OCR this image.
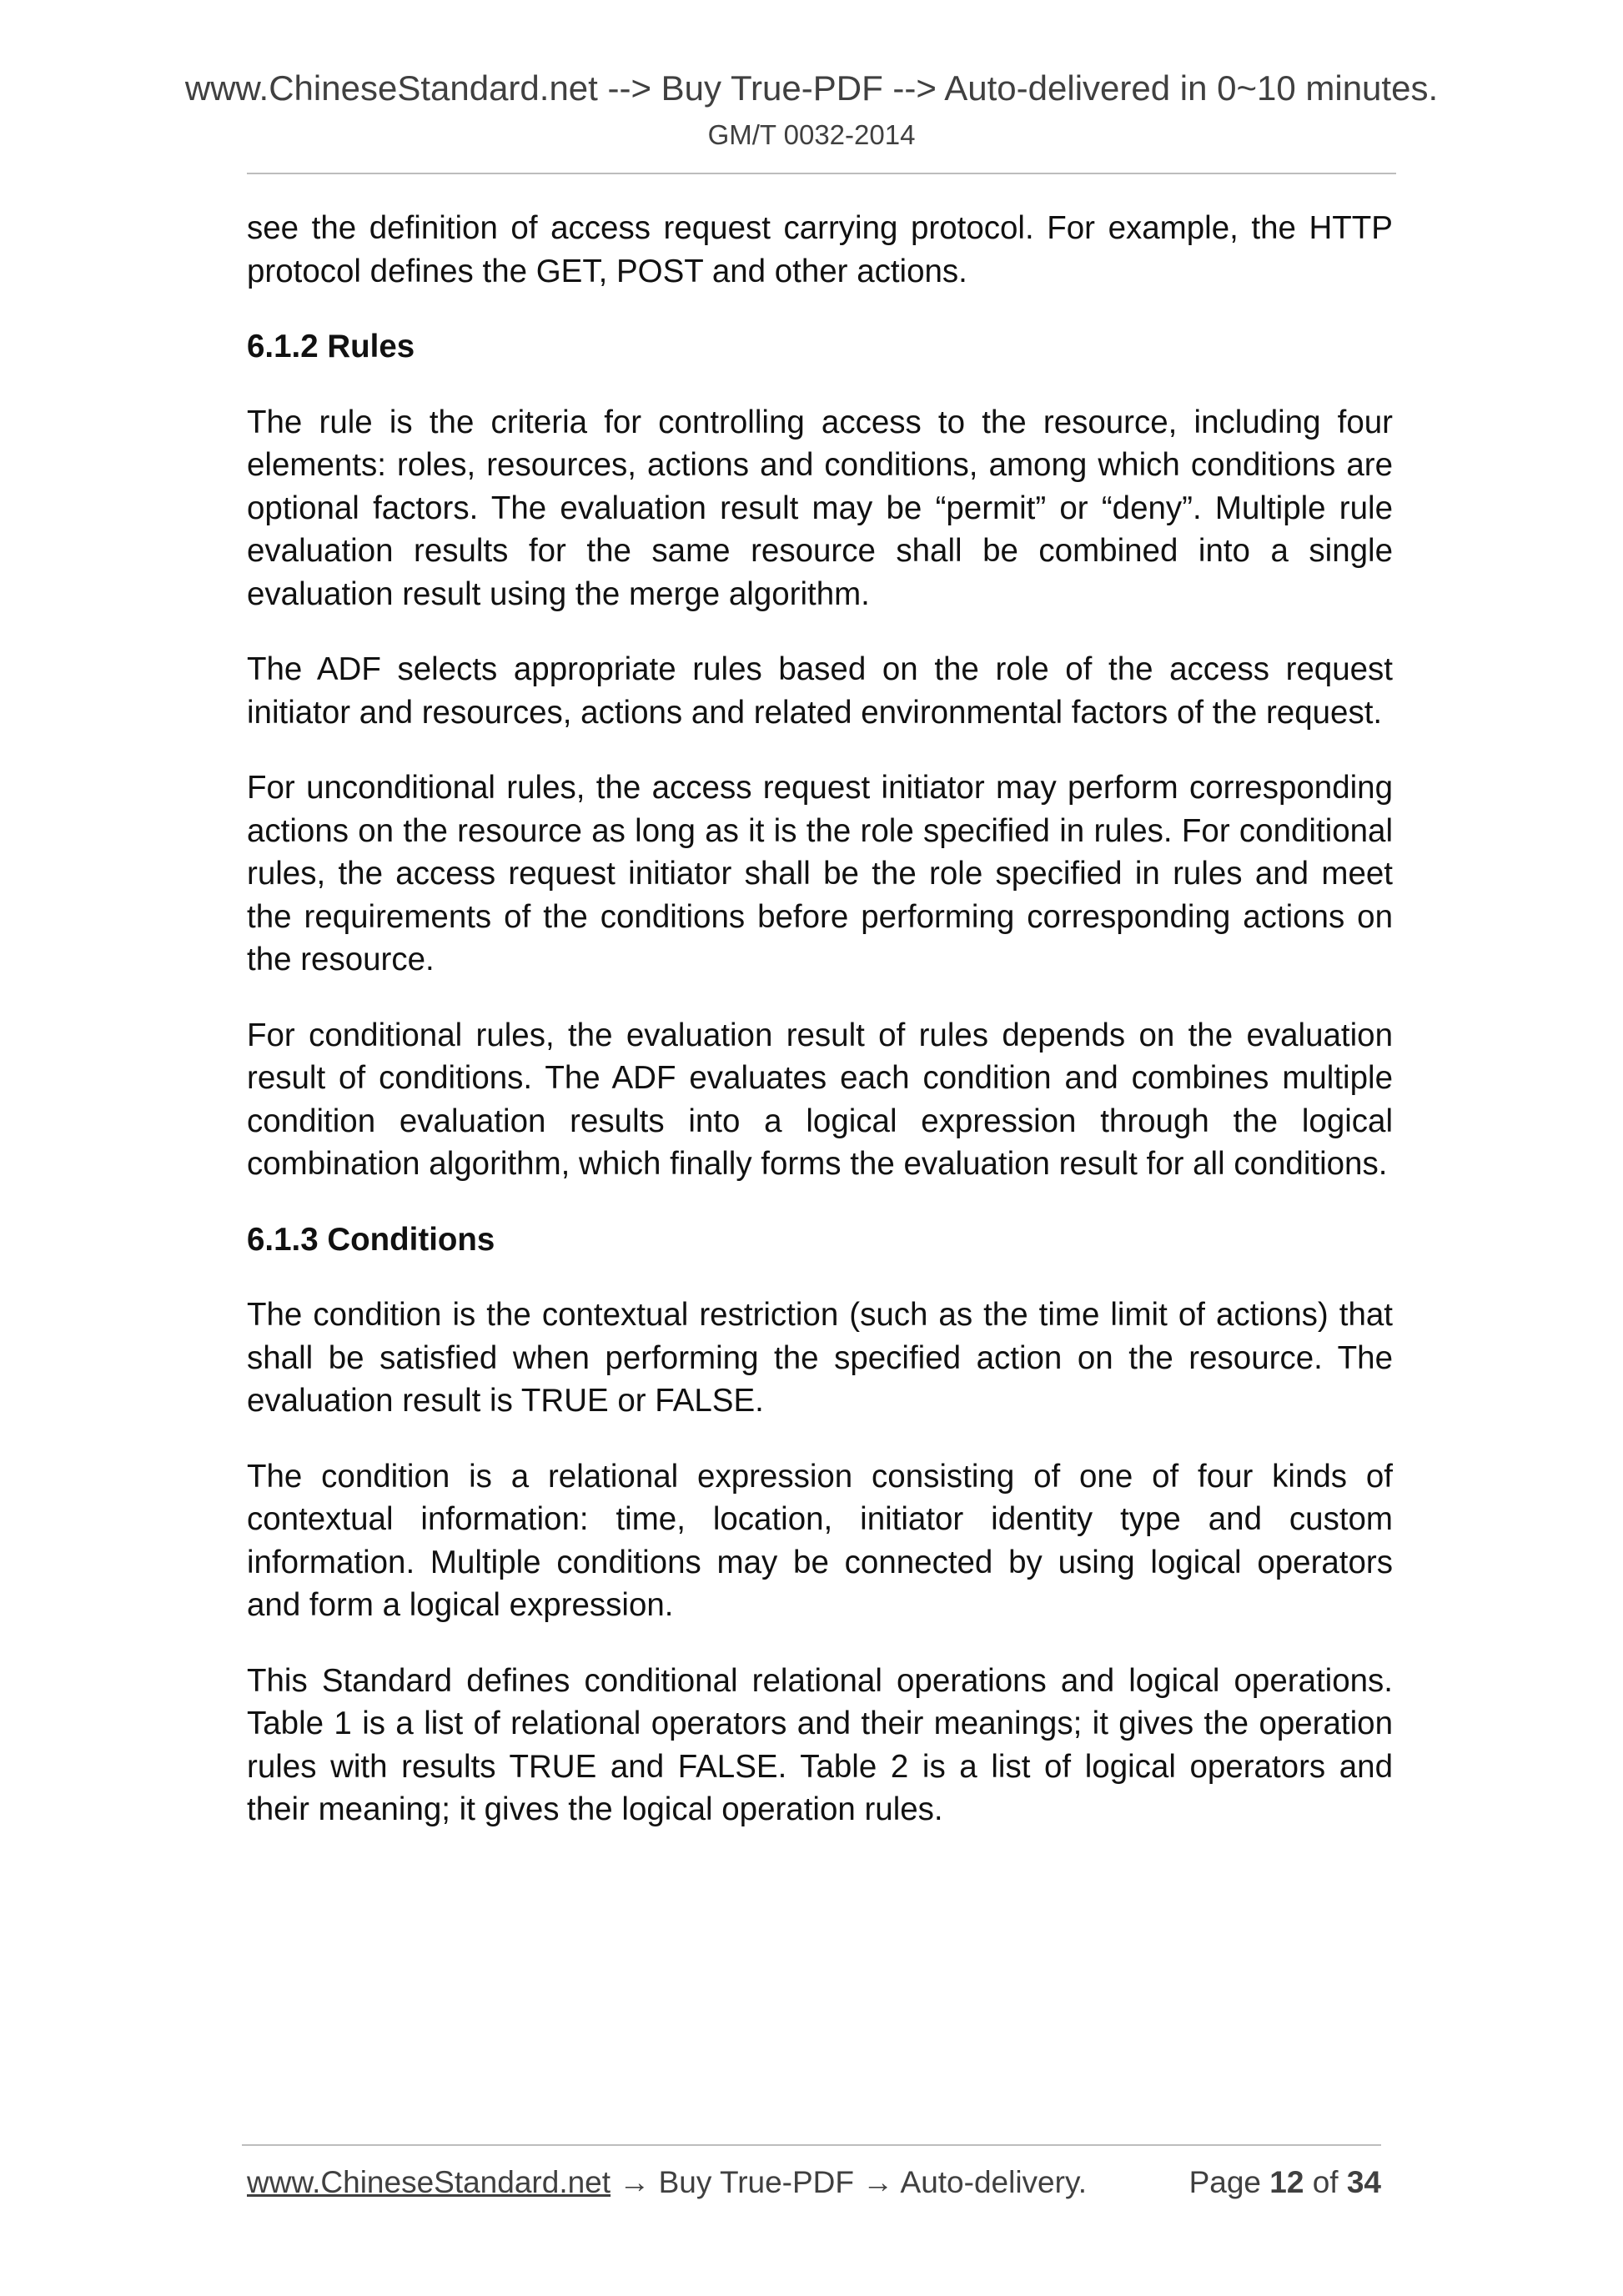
www.ChineseStandard.net --> Buy True-PDF --> Auto-delivered in 0~10 minutes.
GM/T 0032-2014

see the definition of access request carrying protocol. For example, the HTTP protocol defines the GET, POST and other actions.

6.1.2 Rules

The rule is the criteria for controlling access to the resource, including four elements: roles, resources, actions and conditions, among which conditions are optional factors. The evaluation result may be “permit” or “deny”. Multiple rule evaluation results for the same resource shall be combined into a single evaluation result using the merge algorithm.

The ADF selects appropriate rules based on the role of the access request initiator and resources, actions and related environmental factors of the request.

For unconditional rules, the access request initiator may perform corresponding actions on the resource as long as it is the role specified in rules. For conditional rules, the access request initiator shall be the role specified in rules and meet the requirements of the conditions before performing corresponding actions on the resource.

For conditional rules, the evaluation result of rules depends on the evaluation result of conditions. The ADF evaluates each condition and combines multiple condition evaluation results into a logical expression through the logical combination algorithm, which finally forms the evaluation result for all conditions.

6.1.3 Conditions

The condition is the contextual restriction (such as the time limit of actions) that shall be satisfied when performing the specified action on the resource. The evaluation result is TRUE or FALSE.

The condition is a relational expression consisting of one of four kinds of contextual information: time, location, initiator identity type and custom information. Multiple conditions may be connected by using logical operators and form a logical expression.

This Standard defines conditional relational operations and logical operations. Table 1 is a list of relational operators and their meanings; it gives the operation rules with results TRUE and FALSE. Table 2 is a list of logical operators and their meaning; it gives the logical operation rules.

www.ChineseStandard.net → Buy True-PDF → Auto-delivery.	Page 12 of 34
